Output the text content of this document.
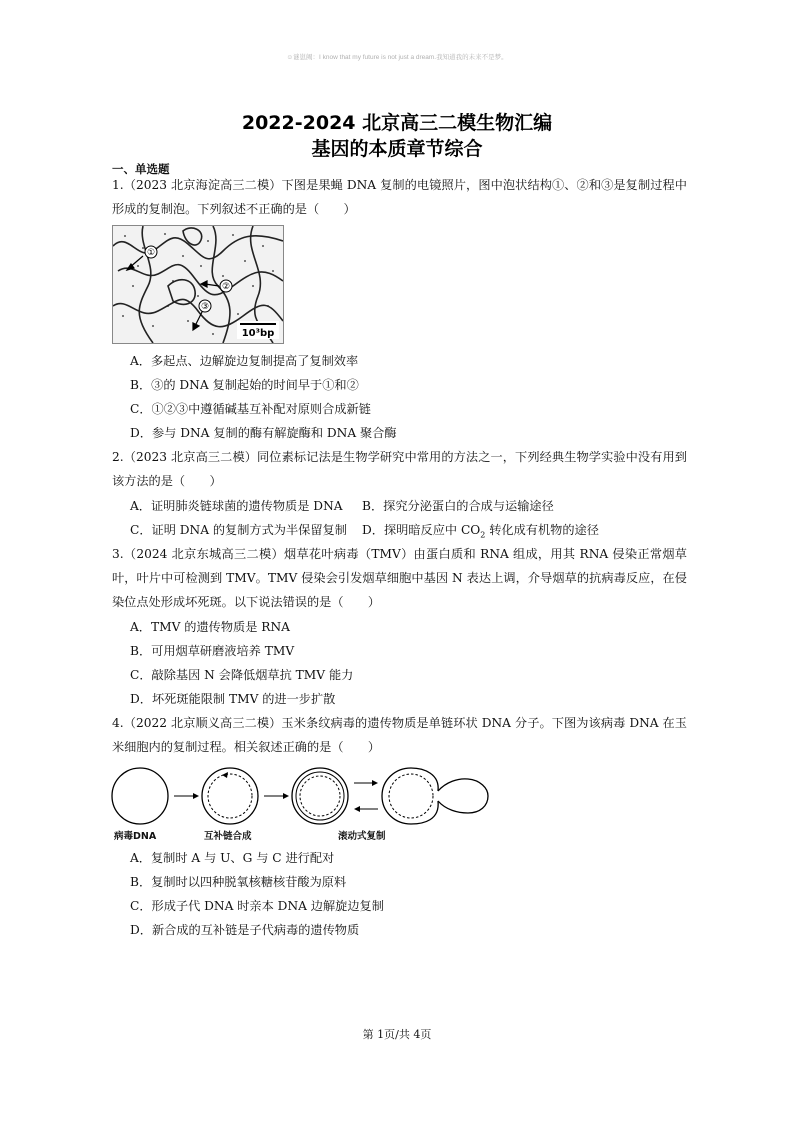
☺谜崽阙：I know that my future is not just a dream.我知道我的未来不是梦。
2022-2024 北京高三二模生物汇编
基因的本质章节综合
一、单选题
1.（2023 北京海淀高三二模）下图是果蝇 DNA 复制的电镜照片，图中泡状结构①、②和③是复制过程中形成的复制泡。下列叙述不正确的是（　　）
①
②
③
10³bp
A．多起点、边解旋边复制提高了复制效率
B．③的 DNA 复制起始的时间早于①和②
C．①②③中遵循碱基互补配对原则合成新链
D．参与 DNA 复制的酶有解旋酶和 DNA 聚合酶
2.（2023 北京高三二模）同位素标记法是生物学研究中常用的方法之一，下列经典生物学实验中没有用到该方法的是（　　）
A．证明肺炎链球菌的遗传物质是 DNA B．探究分泌蛋白的合成与运输途径
C．证明 DNA 的复制方式为半保留复制 D．探明暗反应中 $CO_2$ 转化成有机物的途径
3.（2024 北京东城高三二模）烟草花叶病毒（TMV）由蛋白质和 RNA 组成，用其 RNA 侵染正常烟草叶，叶片中可检测到 TMV。TMV 侵染会引发烟草细胞中基因 N 表达上调，介导烟草的抗病毒反应，在侵染位点处形成坏死斑。以下说法错误的是（　　）
A．TMV 的遗传物质是 RNA
B．可用烟草研磨液培养 TMV
C．敲除基因 N 会降低烟草抗 TMV 能力
D．坏死斑能限制 TMV 的进一步扩散
4.（2022 北京顺义高三二模）玉米条纹病毒的遗传物质是单链环状 DNA 分子。下图为该病毒 DNA 在玉米细胞内的复制过程。相关叙述正确的是（　　）
病毒DNA	互补链合成	滚动式复制
A．复制时 A 与 U、G 与 C 进行配对
B．复制时以四种脱氧核糖核苷酸为原料
C．形成子代 DNA 时亲本 DNA 边解旋边复制
D．新合成的互补链是子代病毒的遗传物质
第 1页/共 4页
